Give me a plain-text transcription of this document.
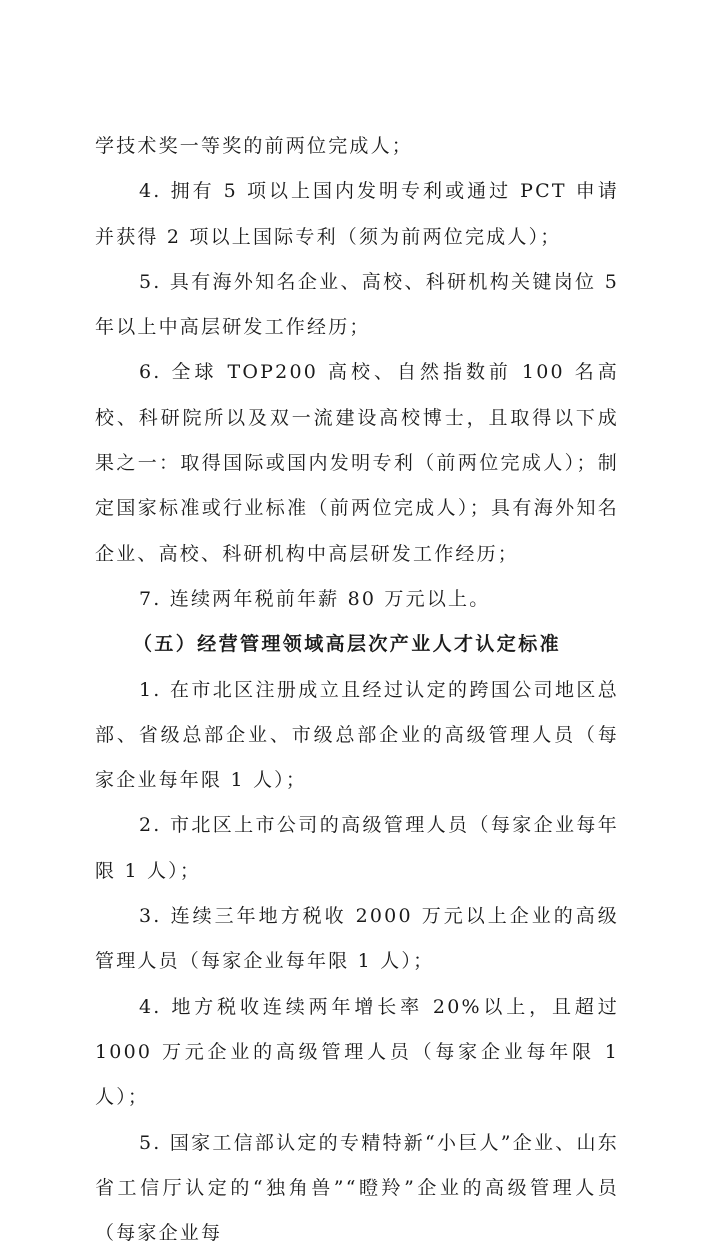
学技术奖一等奖的前两位完成人；

4. 拥有 5 项以上国内发明专利或通过 PCT 申请并获得 2 项以上国际专利（须为前两位完成人）；

5. 具有海外知名企业、高校、科研机构关键岗位 5 年以上中高层研发工作经历；

6. 全球 TOP200 高校、自然指数前 100 名高校、科研院所以及双一流建设高校博士，且取得以下成果之一：取得国际或国内发明专利（前两位完成人）；制定国家标准或行业标准（前两位完成人）；具有海外知名企业、高校、科研机构中高层研发工作经历；

7. 连续两年税前年薪 80 万元以上。

（五）经营管理领域高层次产业人才认定标准

1. 在市北区注册成立且经过认定的跨国公司地区总部、省级总部企业、市级总部企业的高级管理人员（每家企业每年限 1 人）；

2. 市北区上市公司的高级管理人员（每家企业每年限 1 人）；

3. 连续三年地方税收 2000 万元以上企业的高级管理人员（每家企业每年限 1 人）；

4. 地方税收连续两年增长率 20%以上，且超过 1000 万元企业的高级管理人员（每家企业每年限 1 人）；

5. 国家工信部认定的专精特新“小巨人”企业、山东省工信厅认定的“独角兽”“瞪羚”企业的高级管理人员（每家企业每
